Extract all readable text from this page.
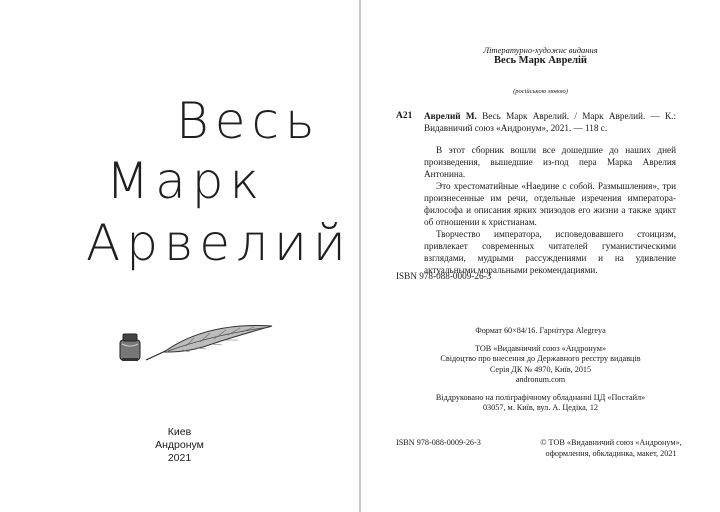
Весь
Марк
Арвелий
Киев
Андронум
2021
Літературно-художнє видання
Весь Марк Аврелій
(російською мовою)
А21 Аврелий М. Весь Марк Аврелий. / Марк Аврелий. — К.: Видавничий союз «Андронум», 2021. — 118 с.

В этот сборник вошли все дошедшие до наших дней произведения, вышедшие из-под пера Марка Аврелия Антонина.

Это хрестоматийные «Наедине с собой. Размышления», три произнесенные им речи, отдельные изречения императора-философа и описания ярких эпизодов его жизни а также эдикт об отношении к христианам.

Творчество императора, исповедовавшего стоицизм, привлекает современных читателей гуманистическими взглядами, мудрыми рассуждениями и на удивление актуальными моральными рекомендациями.

ISBN 978-088-0009-26-3
Формат 60×84/16. Гарнітура Alegreya
ТОВ «Видавничий союз «Андронум»
Свідоцтво про внесення до Державного реєстру видавців
Серія ДК № 4970, Київ, 2015
andronum.com
Віддруковано на поліграфічному обладнанні ЦД «Постайл»
03057, м. Київ, вул. А. Цедіка, 12
ISBN 978-088-0009-26-3	© ТОВ «Видавничий союз «Андронум»,
оформлення, обкладинка, макет, 2021
